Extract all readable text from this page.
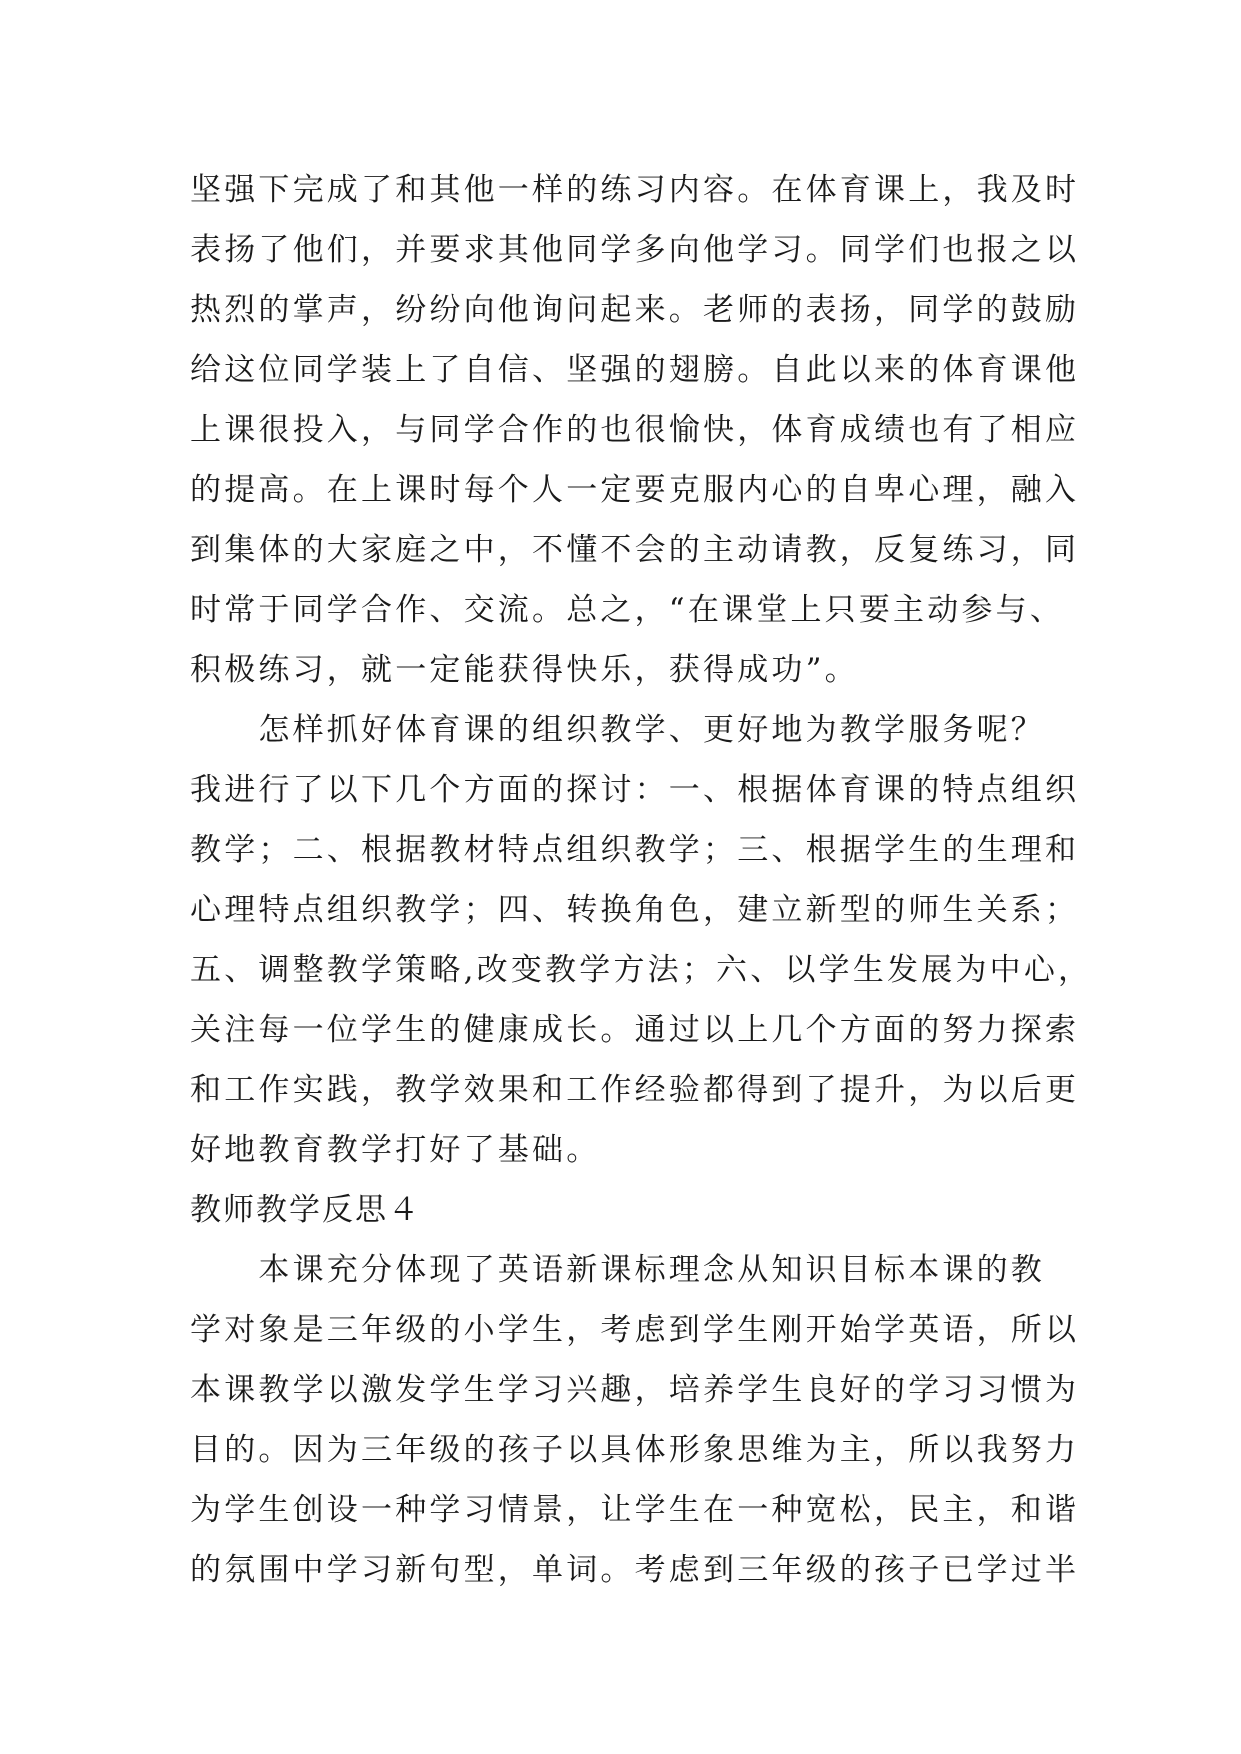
坚强下完成了和其他一样的练习内容。在体育课上，我及时
表扬了他们，并要求其他同学多向他学习。同学们也报之以
热烈的掌声，纷纷向他询问起来。老师的表扬，同学的鼓励
给这位同学装上了自信、坚强的翅膀。自此以来的体育课他
上课很投入，与同学合作的也很愉快，体育成绩也有了相应
的提高。在上课时每个人一定要克服内心的自卑心理，融入
到集体的大家庭之中，不懂不会的主动请教，反复练习，同
时常于同学合作、交流。总之，“在课堂上只要主动参与、
积极练习，就一定能获得快乐，获得成功”。
　　怎样抓好体育课的组织教学、更好地为教学服务呢？
我进行了以下几个方面的探讨：一、根据体育课的特点组织
教学；二、根据教材特点组织教学；三、根据学生的生理和
心理特点组织教学；四、转换角色，建立新型的师生关系；
五、调整教学策略,改变教学方法；六、以学生发展为中心，
关注每一位学生的健康成长。通过以上几个方面的努力探索
和工作实践，教学效果和工作经验都得到了提升，为以后更
好地教育教学打好了基础。
教师教学反思４
　　本课充分体现了英语新课标理念从知识目标本课的教
学对象是三年级的小学生，考虑到学生刚开始学英语，所以
本课教学以激发学生学习兴趣，培养学生良好的学习习惯为
目的。因为三年级的孩子以具体形象思维为主，所以我努力
为学生创设一种学习情景，让学生在一种宽松，民主，和谐
的氛围中学习新句型，单词。考虑到三年级的孩子已学过半
